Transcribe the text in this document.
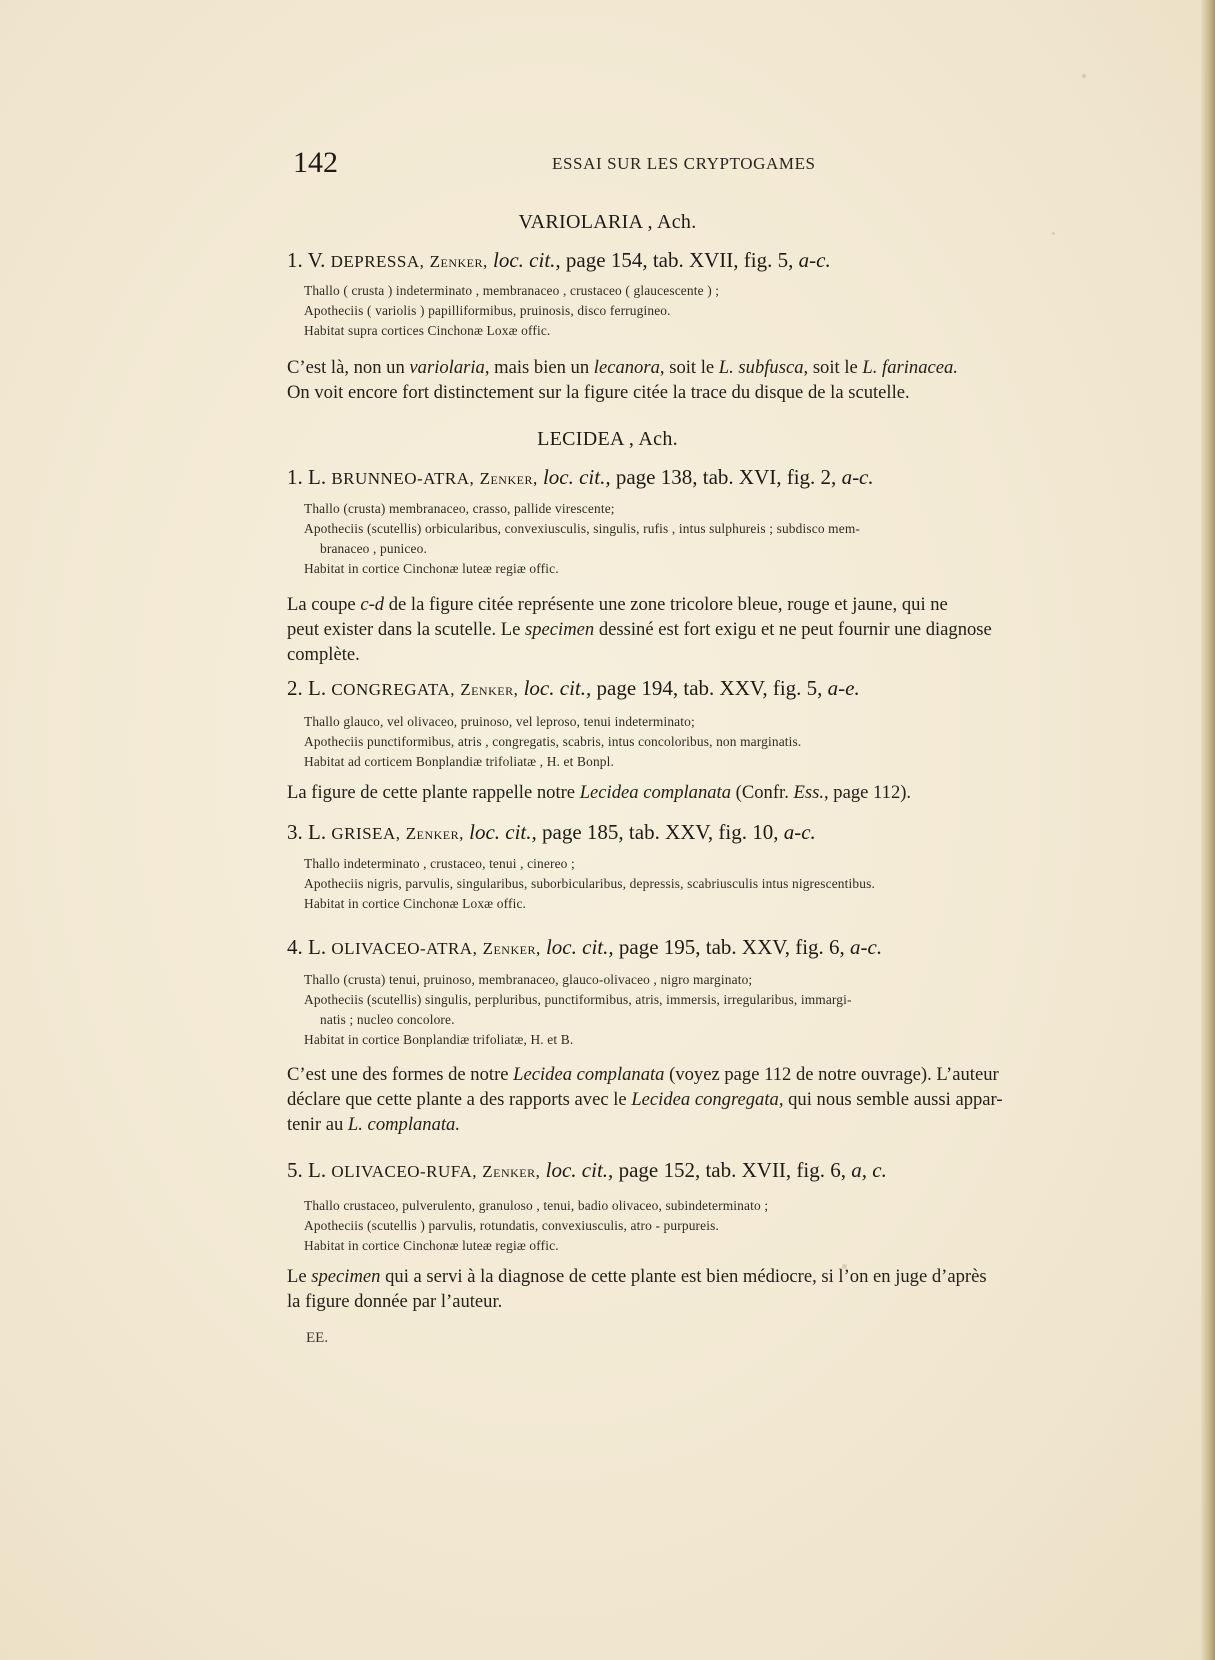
142	ESSAI SUR LES CRYPTOGAMES
VARIOLARIA , Ach.
1. V. DEPRESSA, Zenker, loc. cit., page 154, tab. XVII, fig. 5, a-c.
Thallo ( crusta ) indeterminato , membranaceo , crustaceo ( glaucescente ) ;
Apotheciis ( variolis ) papilliformibus, pruinosis, disco ferrugineo.
Habitat supra cortices Cinchonæ Loxæ offic.
C’est là, non un variolaria, mais bien un lecanora, soit le L. subfusca, soit le L. farinacea.
On voit encore fort distinctement sur la figure citée la trace du disque de la scutelle.
LECIDEA , Ach.
1. L. BRUNNEO-ATRA, Zenker, loc. cit., page 138, tab. XVI, fig. 2, a-c.
Thallo (crusta) membranaceo, crasso, pallide virescente;
Apotheciis (scutellis) orbicularibus, convexiusculis, singulis, rufis , intus sulphureis ; subdisco mem-
branaceo , puniceo.
Habitat in cortice Cinchonæ luteæ regiæ offic.
La coupe c-d de la figure citée représente une zone tricolore bleue, rouge et jaune, qui ne
peut exister dans la scutelle. Le specimen dessiné est fort exigu et ne peut fournir une diagnose
complète.
2. L. CONGREGATA, Zenker, loc. cit., page 194, tab. XXV, fig. 5, a-e.
Thallo glauco, vel olivaceo, pruinoso, vel leproso, tenui indeterminato;
Apotheciis punctiformibus, atris , congregatis, scabris, intus concoloribus, non marginatis.
Habitat ad corticem Bonplandiæ trifoliatæ , H. et Bonpl.
La figure de cette plante rappelle notre Lecidea complanata (Confr. Ess., page 112).
3. L. GRISEA, Zenker, loc. cit., page 185, tab. XXV, fig. 10, a-c.
Thallo indeterminato , crustaceo, tenui , cinereo ;
Apotheciis nigris, parvulis, singularibus, suborbicularibus, depressis, scabriusculis intus nigrescentibus.
Habitat in cortice Cinchonæ Loxæ offic.
4. L. OLIVACEO-ATRA, Zenker, loc. cit., page 195, tab. XXV, fig. 6, a-c.
Thallo (crusta) tenui, pruinoso, membranaceo, glauco-olivaceo , nigro marginato;
Apotheciis (scutellis) singulis, perpluribus, punctiformibus, atris, immersis, irregularibus, immargi-
natis ; nucleo concolore.
Habitat in cortice Bonplandiæ trifoliatæ, H. et B.
C’est une des formes de notre Lecidea complanata (voyez page 112 de notre ouvrage). L’auteur
déclare que cette plante a des rapports avec le Lecidea congregata, qui nous semble aussi appar-
tenir au L. complanata.
5. L. OLIVACEO-RUFA, Zenker, loc. cit., page 152, tab. XVII, fig. 6, a, c.
Thallo crustaceo, pulverulento, granuloso , tenui, badio olivaceo, subindeterminato ;
Apotheciis (scutellis ) parvulis, rotundatis, convexiusculis, atro - purpureis.
Habitat in cortice Cinchonæ luteæ regiæ offic.
Le specimen qui a servi à la diagnose de cette plante est bien médiocre, si l’on en juge d’après
la figure donnée par l’auteur.
EE.
